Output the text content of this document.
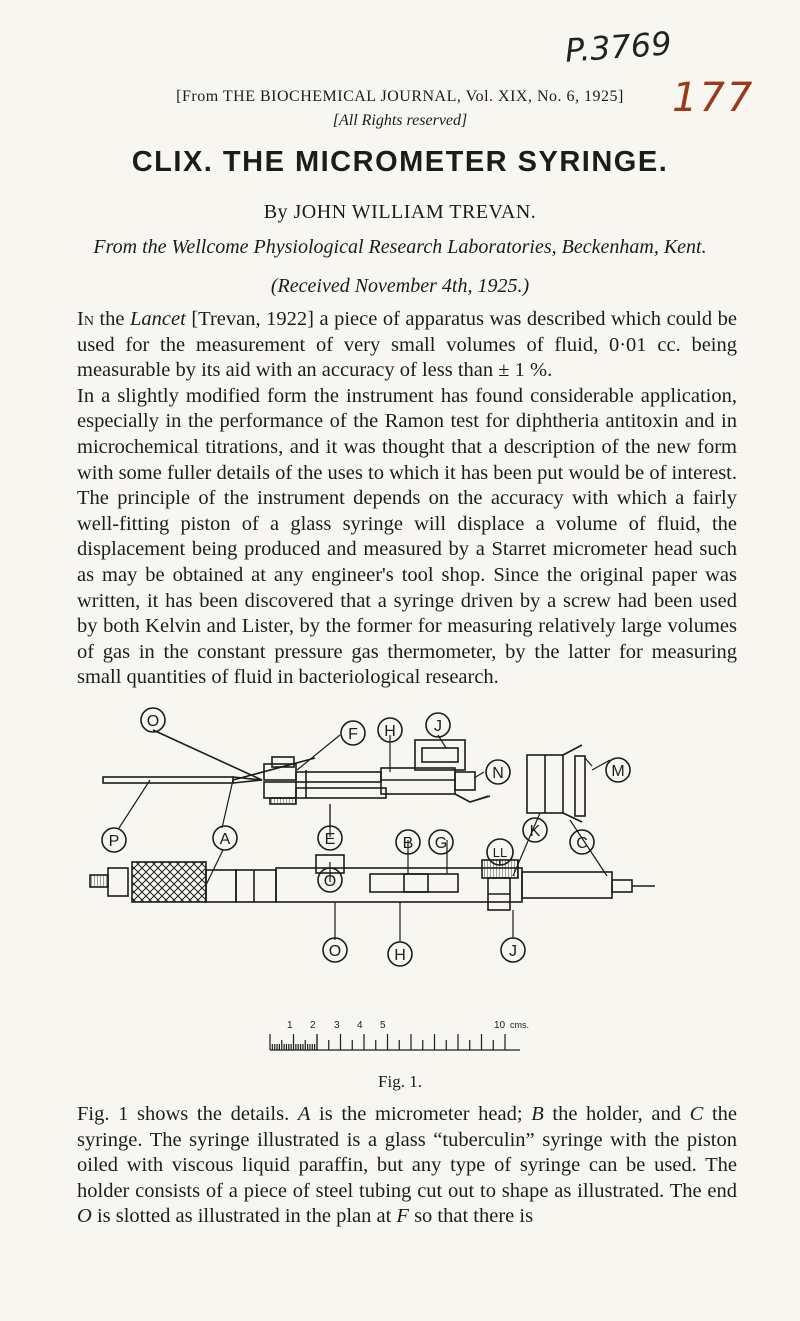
P.3769
177
[From THE BIOCHEMICAL JOURNAL, Vol. XIX, No. 6, 1925]
[All Rights reserved]
CLIX. THE MICROMETER SYRINGE.
By JOHN WILLIAM TREVAN.
From the Wellcome Physiological Research Laboratories, Beckenham, Kent.
(Received November 4th, 1925.)

In the Lancet [Trevan, 1922] a piece of apparatus was described which could be used for the measurement of very small volumes of fluid, 0·01 cc. being measurable by its aid with an accuracy of less than ± 1 %.
In a slightly modified form the instrument has found considerable application, especially in the performance of the Ramon test for diphtheria antitoxin and in microchemical titrations, and it was thought that a description of the new form with some fuller details of the uses to which it has been put would be of interest. The principle of the instrument depends on the accuracy with which a fairly well-fitting piston of a glass syringe will displace a volume of fluid, the displacement being produced and measured by a Starret micrometer head such as may be obtained at any engineer's tool shop. Since the original paper was written, it has been discovered that a syringe driven by a screw had been used by both Kelvin and Lister, by the former for measuring relatively large volumes of gas in the constant pressure gas thermometer, by the latter for measuring small quantities of fluid in bacteriological research.

O
F H J
N	M
P	A	E	B G
K
C
LL
O
O	H	J
1 2 3 4 5	10 cms.
Fig. 1.

Fig. 1 shows the details. A is the micrometer head; B the holder, and C the syringe. The syringe illustrated is a glass “tuberculin” syringe with the piston oiled with viscous liquid paraffin, but any type of syringe can be used. The holder consists of a piece of steel tubing cut out to shape as illustrated. The end O is slotted as illustrated in the plan at F so that there is
